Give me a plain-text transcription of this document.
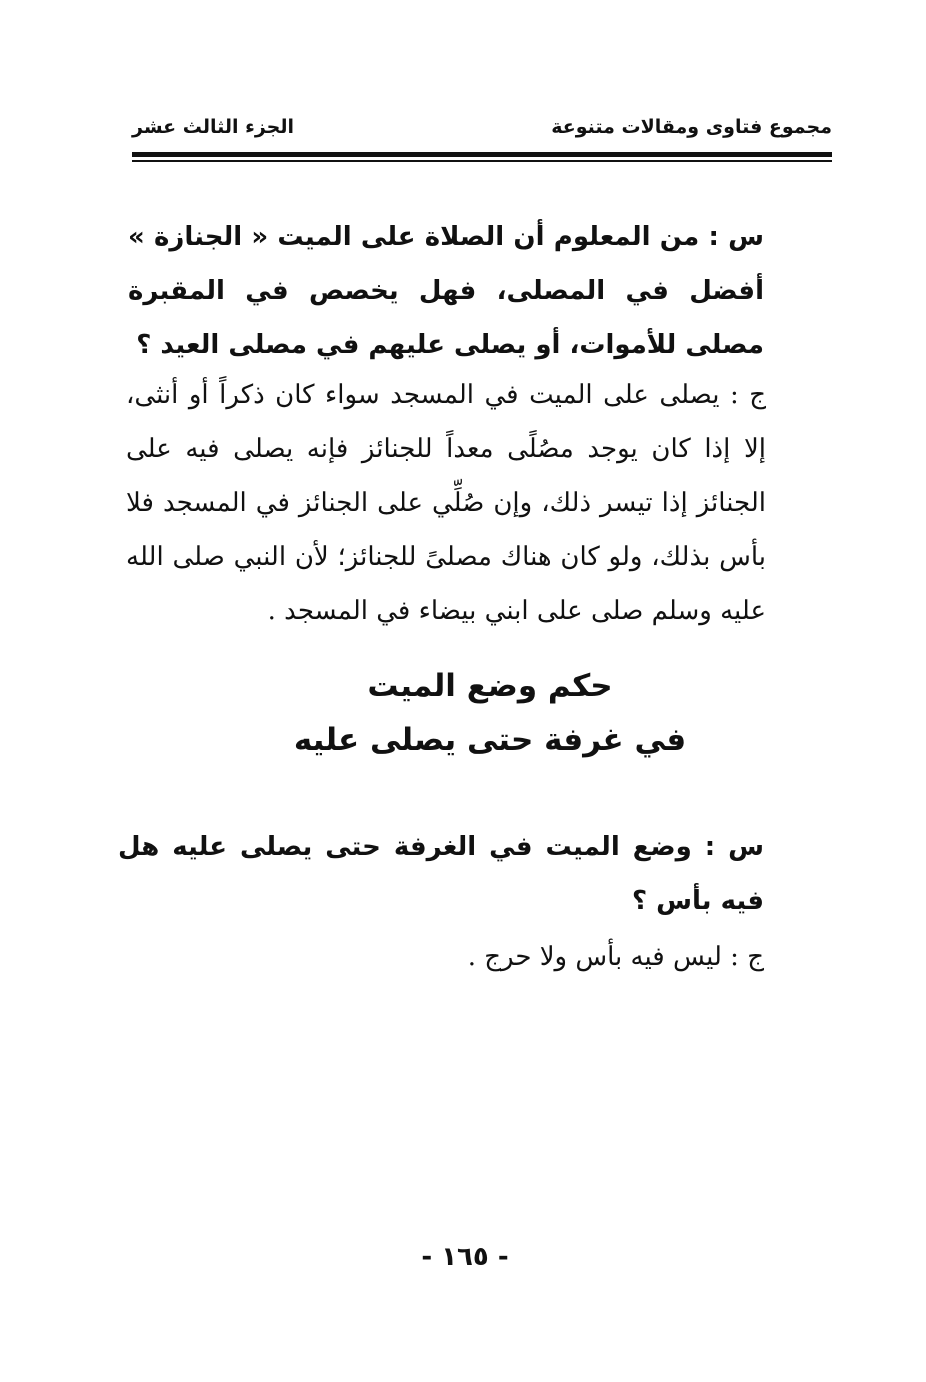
مجموع فتاوى ومقالات متنوعة
الجزء الثالث عشر
س : من المعلوم أن الصلاة على الميت « الجنازة » أفضل في المصلى، فهل يخصص في المقبرة مصلى للأموات، أو يصلى عليهم في مصلى العيد ؟
ج : يصلى على الميت في المسجد سواء كان ذكراً أو أنثى، إلا إذا كان يوجد مصُلًى معداً للجنائز فإنه يصلى فيه على الجنائز إذا تيسر ذلك، وإن صُلِّي على الجنائز في المسجد فلا بأس بذلك، ولو كان هناك مصلىً للجنائز؛ لأن النبي صلى الله عليه وسلم صلى على ابني بيضاء في المسجد .
حكم وضع الميت
في غرفة حتى يصلى عليه
س : وضع الميت في الغرفة حتى يصلى عليه هل فيه بأس ؟
ج : ليس فيه بأس ولا حرج .
- ١٦٥ -
